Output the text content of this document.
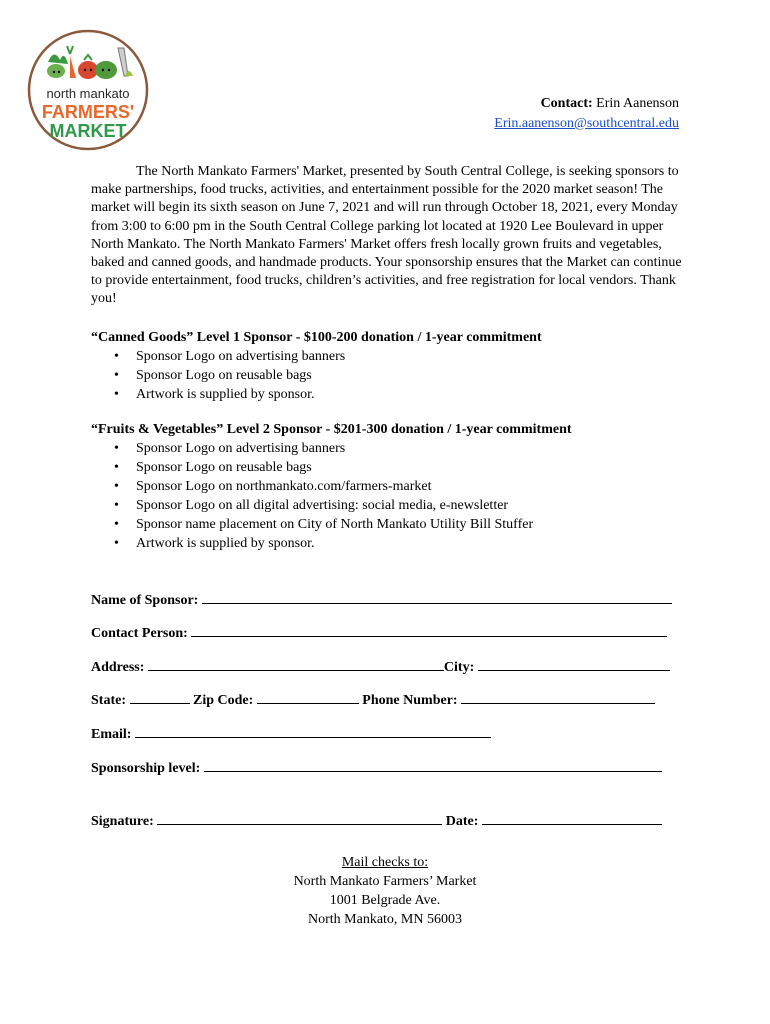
north mankato
FARMERS'
MARKET
Contact: Erin Aanenson
Erin.aanenson@southcentral.edu
The North Mankato Farmers' Market, presented by South Central College, is seeking sponsors to make partnerships, food trucks, activities, and entertainment possible for the 2020 market season! The market will begin its sixth season on June 7, 2021 and will run through October 18, 2021, every Monday from 3:00 to 6:00 pm in the South Central College parking lot located at 1920 Lee Boulevard in upper North Mankato. The North Mankato Farmers' Market offers fresh locally grown fruits and vegetables, baked and canned goods, and handmade products. Your sponsorship ensures that the Market can continue to provide entertainment, food trucks, children’s activities, and free registration for local vendors. Thank you!
“Canned Goods” Level 1 Sponsor - $100-200 donation / 1-year commitment
• Sponsor Logo on advertising banners
• Sponsor Logo on reusable bags
• Artwork is supplied by sponsor.
“Fruits & Vegetables” Level 2 Sponsor - $201-300 donation / 1-year commitment
• Sponsor Logo on advertising banners
• Sponsor Logo on reusable bags
• Sponsor Logo on northmankato.com/farmers-market
• Sponsor Logo on all digital advertising: social media, e-newsletter
• Sponsor name placement on City of North Mankato Utility Bill Stuffer
• Artwork is supplied by sponsor.
Name of Sponsor:
Contact Person:
Address:	City:
State:	Zip Code:	Phone Number:
Email:
Sponsorship level:
Signature:	Date:
Mail checks to:
North Mankato Farmers’ Market
1001 Belgrade Ave.
North Mankato, MN 56003
